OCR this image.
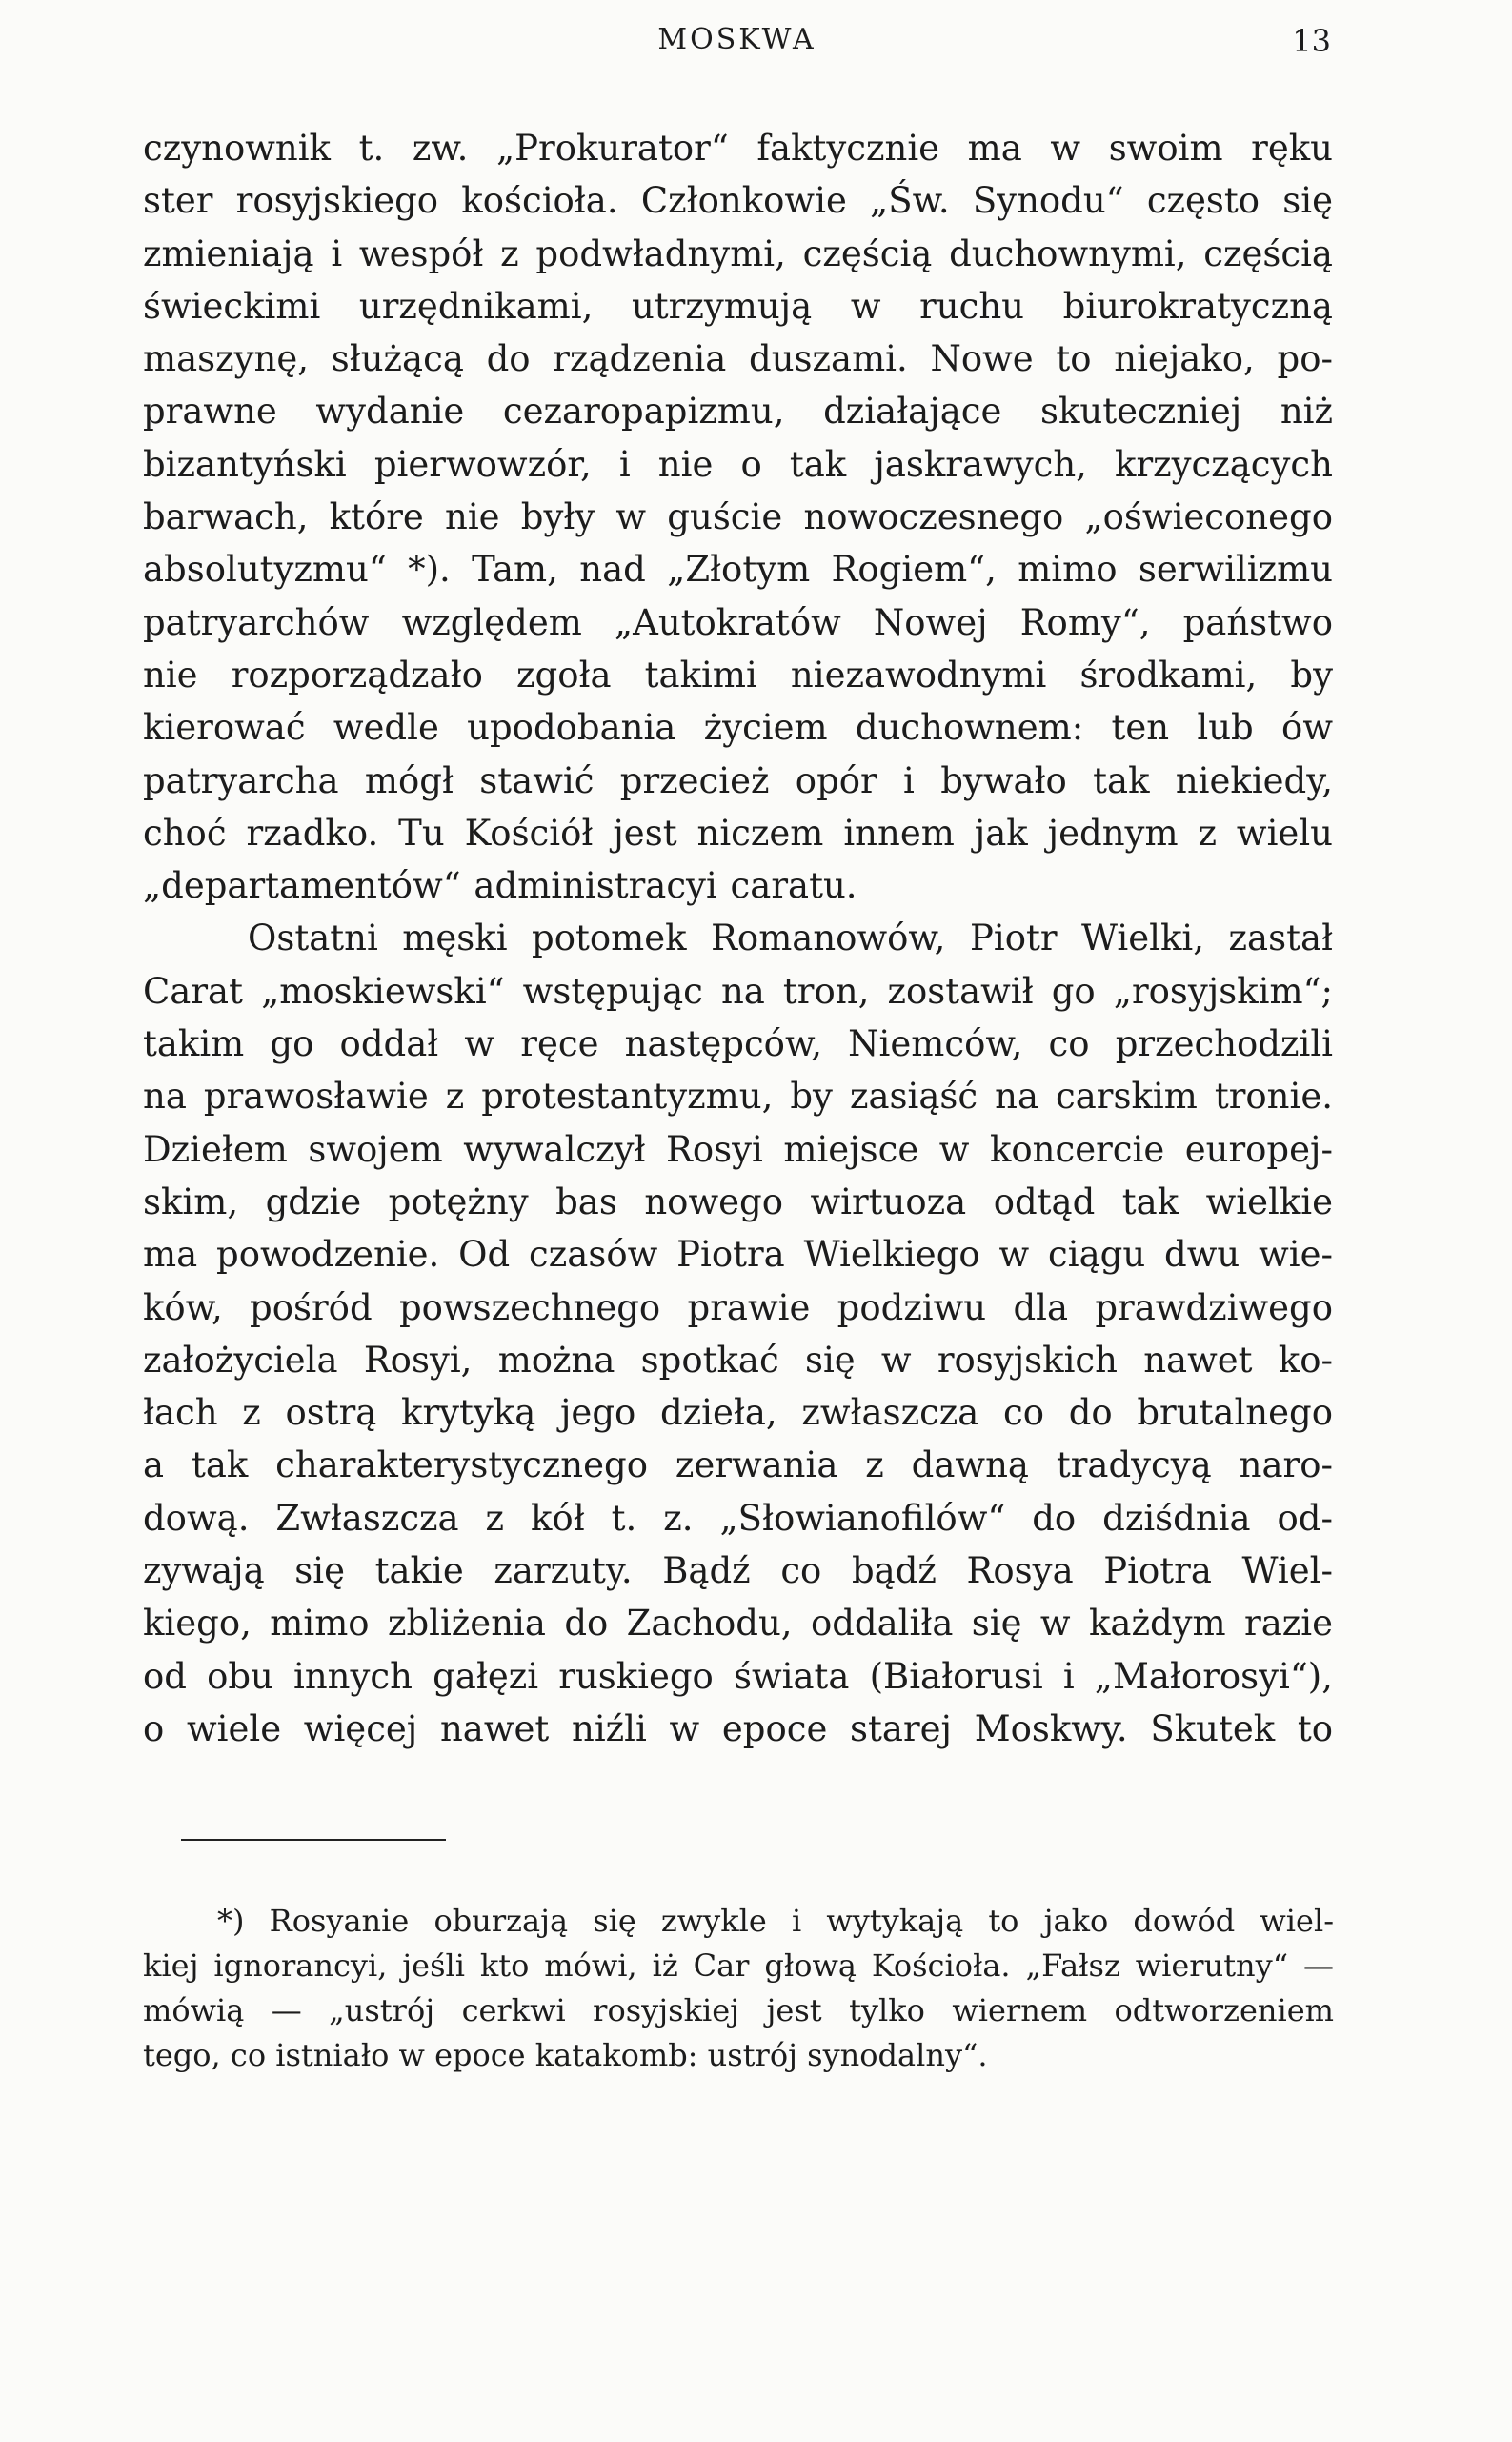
MOSKWA	13
czynownik t. zw. „Prokurator“ faktycznie ma w swoim ręku
ster rosyjskiego kościoła. Członkowie „Św. Synodu“ często się
zmieniają i wespół z podwładnymi, częścią duchownymi, częścią
świeckimi urzędnikami, utrzymują w ruchu biurokratyczną
maszynę, służącą do rządzenia duszami. Nowe to niejako, po-
prawne wydanie cezaropapizmu, działające skuteczniej niż
bizantyński pierwowzór, i nie o tak jaskrawych, krzyczących
barwach, które nie były w guście nowoczesnego „oświeconego
absolutyzmu“ *). Tam, nad „Złotym Rogiem“, mimo serwilizmu
patryarchów względem „Autokratów Nowej Romy“, państwo
nie rozporządzało zgoła takimi niezawodnymi środkami, by
kierować wedle upodobania życiem duchownem: ten lub ów
patryarcha mógł stawić przecież opór i bywało tak niekiedy,
choć rzadko. Tu Kościół jest niczem innem jak jednym z wielu
„departamentów“ administracyi caratu.
Ostatni męski potomek Romanowów, Piotr Wielki, zastał
Carat „moskiewski“ wstępując na tron, zostawił go „rosyjskim“;
takim go oddał w ręce następców, Niemców, co przechodzili
na prawosławie z protestantyzmu, by zasiąść na carskim tronie.
Dziełem swojem wywalczył Rosyi miejsce w koncercie europej-
skim, gdzie potężny bas nowego wirtuoza odtąd tak wielkie
ma powodzenie. Od czasów Piotra Wielkiego w ciągu dwu wie-
ków, pośród powszechnego prawie podziwu dla prawdziwego
założyciela Rosyi, można spotkać się w rosyjskich nawet ko-
łach z ostrą krytyką jego dzieła, zwłaszcza co do brutalnego
a tak charakterystycznego zerwania z dawną tradycyą naro-
dową. Zwłaszcza z kół t. z. „Słowianofilów“ do dziśdnia od-
zywają się takie zarzuty. Bądź co bądź Rosya Piotra Wiel-
kiego, mimo zbliżenia do Zachodu, oddaliła się w każdym razie
od obu innych gałęzi ruskiego świata (Białorusi i „Małorosyi“),
o wiele więcej nawet niźli w epoce starej Moskwy. Skutek to
*) Rosyanie oburzają się zwykle i wytykają to jako dowód wiel-
kiej ignorancyi, jeśli kto mówi, iż Car głową Kościoła. „Fałsz wierutny“ —
mówią — „ustrój cerkwi rosyjskiej jest tylko wiernem odtworzeniem
tego, co istniało w epoce katakomb: ustrój synodalny“.
